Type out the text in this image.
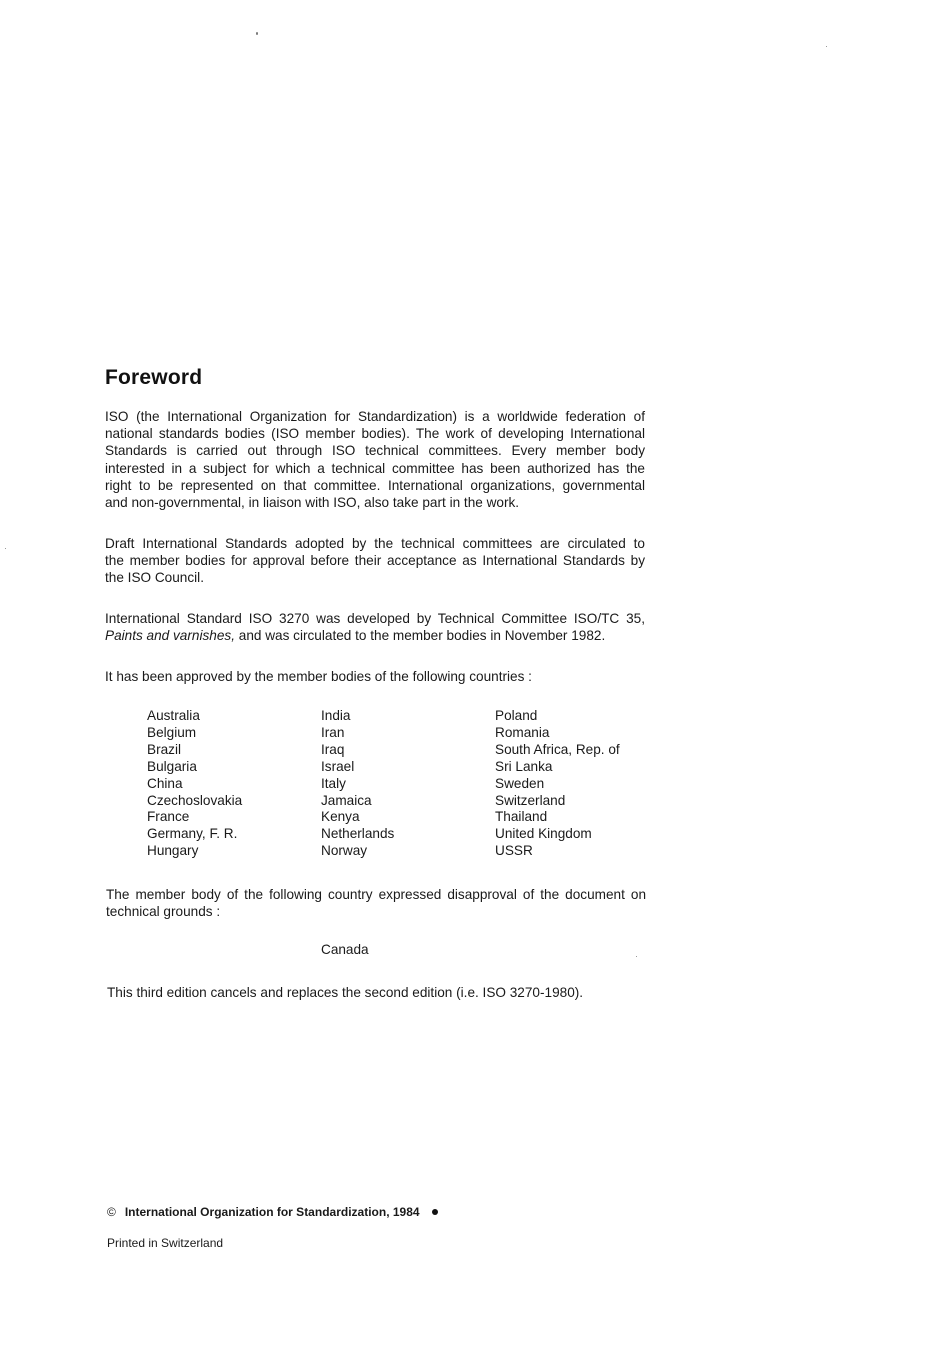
Foreword

ISO (the International Organization for Standardization) is a worldwide federation of
national standards bodies (ISO member bodies). The work of developing International
Standards is carried out through ISO technical committees. Every member body
interested in a subject for which a technical committee has been authorized has the
right to be represented on that committee. International organizations, governmental
and non-governmental, in liaison with ISO, also take part in the work.

Draft International Standards adopted by the technical committees are circulated to
the member bodies for approval before their acceptance as International Standards by
the ISO Council.

International Standard ISO 3270 was developed by Technical Committee ISO/TC 35,
Paints and varnishes, and was circulated to the member bodies in November 1982.

It has been approved by the member bodies of the following countries :

Australia
Belgium
Brazil
Bulgaria
China
Czechoslovakia
France
Germany, F. R.
Hungary
India
Iran
Iraq
Israel
Italy
Jamaica
Kenya
Netherlands
Norway
Poland
Romania
South Africa, Rep. of
Sri Lanka
Sweden
Switzerland
Thailand
United Kingdom
USSR

The member body of the following country expressed disapproval of the document on
technical grounds :

Canada

This third edition cancels and replaces the second edition (i.e. ISO 3270-1980).

© International Organization for Standardization, 1984
Printed in Switzerland
